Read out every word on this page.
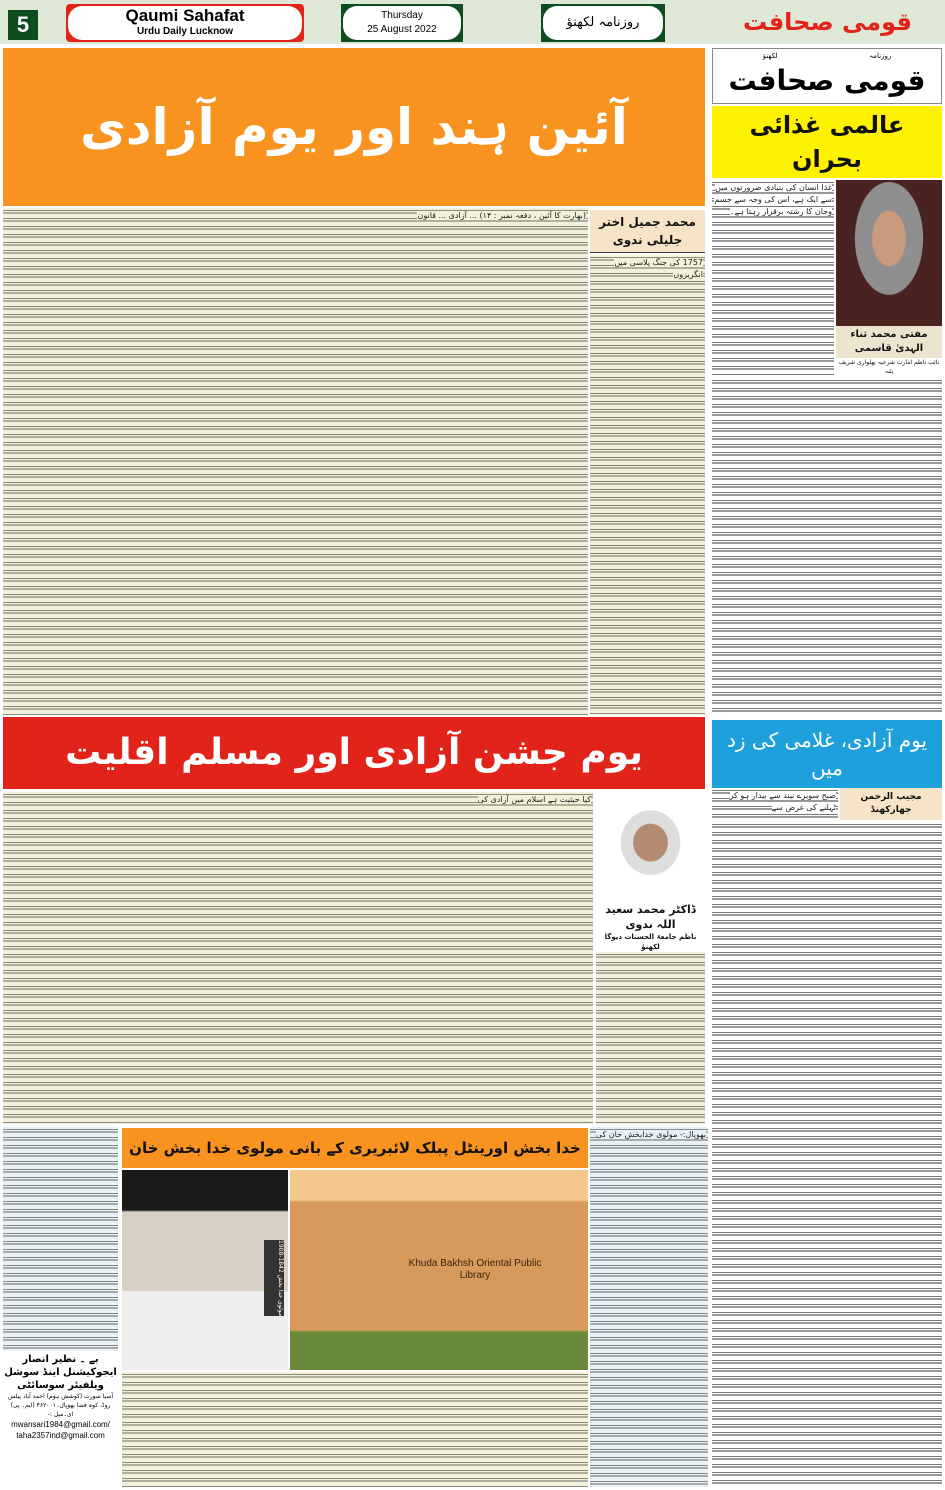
5	Qaumi Sahafat
Urdu Daily Lucknow
Thursday
25 August 2022	روزنامہ لکھنؤ	قومی صحافت
آئین ہند اور یوم آزادی
(بھارت کا آئین ، دفعہ نمبر : ۱۴) ... آزادی ... قانون	محمد جمیل اختر جلیلی ندوی
1757 کی جنگ پلاسی میں انگریزوں
لکھنؤ	روزنامہ
قومی صحافت
عالمی غذائی بحران
غذا انسان کی بنیادی ضرورتوں میں سے ایک ہے، اس کی وجہ سے جسم وجان کا رشتہ برقرار رہتا ہے۔
مفتی محمد ثناء الہدیٰ قاسمی
نائب ناظم امارت شرعیہ پھلواری شریف پٹنہ
یوم جشن آزادی اور مسلم اقلیت
کیا حیثیت ہے اسلام میں آزادی کی
ڈاکٹر محمد سعید اللہ ندوی
ناظم جامعۃ الحسنات دیوگا لکھنؤ
یوم آزادی، غلامی کی زد میں
صبح سویرے نیند سے بیدار ہو کر ٹہلنے کی غرض سے
مجیب الرحمن جھارکھنڈ
بے ۔ نظیر انصار ایجوکیشنل اینڈ سوشل ویلفیئر سوسائٹی
آسیا سورت (کوشش ہوم) احمد آباد پیلس روڈ، کوہ فضا بھوپال۔۴۶۲۰۰۱ (ایم۔ پی)
ای۔میل :-
mwansari1984@gmail.com/
taha2357ind@gmail.com
خدا بخش اورینٹل پبلک لائبریری کے بانی مولوی خدا بخش خان
مولوی خدا بخش 1842-1908
Khuda Bakhsh Oriental Public Library
بھوپال:- مولوی خدابخش خان کی
